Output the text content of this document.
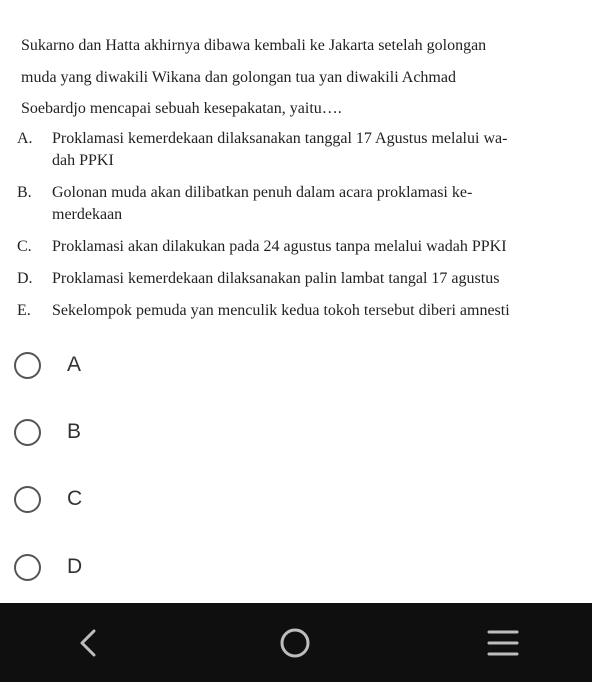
Sukarno dan Hatta akhirnya dibawa kembali ke Jakarta setelah golongan
muda yang diwakili Wikana dan golongan tua yan diwakili Achmad
Soebardjo mencapai sebuah kesepakatan, yaitu….
A.	Proklamasi kemerdekaan dilaksanakan tanggal 17 Agustus melalui wa-
dah PPKI
B.	Golonan muda akan dilibatkan penuh dalam acara proklamasi ke-
merdekaan
C.	Proklamasi akan dilakukan pada 24 agustus tanpa melalui wadah PPKI
D.	Proklamasi kemerdekaan dilaksanakan palin lambat tangal 17 agustus
E.	Sekelompok pemuda yan menculik kedua tokoh tersebut diberi amnesti
A
B
C
D
